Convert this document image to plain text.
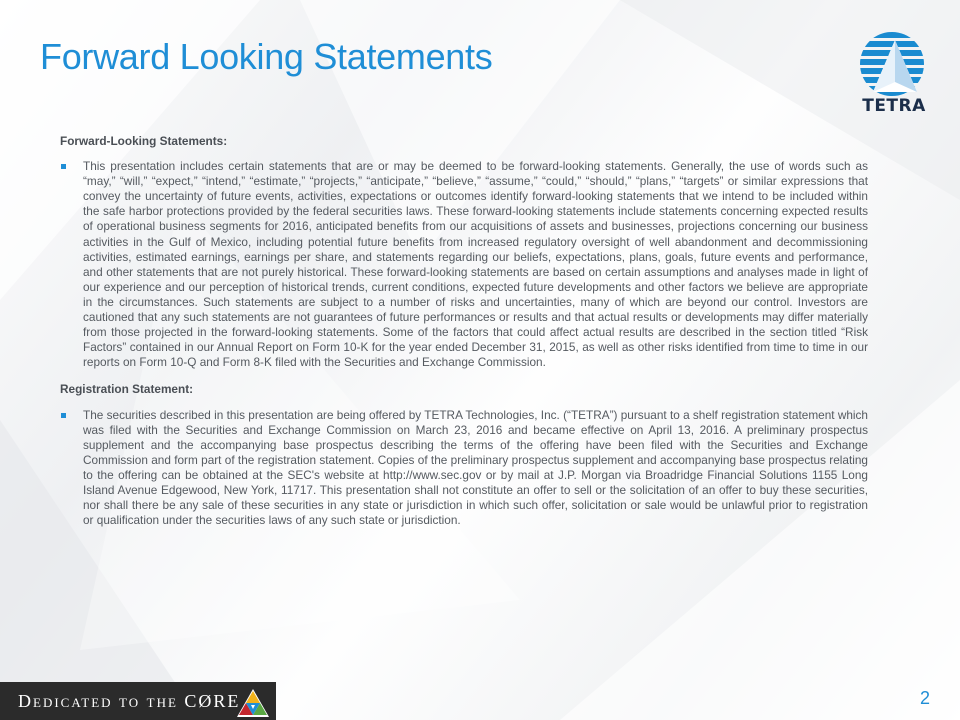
Forward Looking Statements
TETRA
Forward-Looking Statements:
This presentation includes certain statements that are or may be deemed to be forward-looking statements. Generally, the use of words such as “may,” “will,” “expect,” “intend,” “estimate,” “projects,” “anticipate,” “believe,” “assume,” “could,” “should,” “plans,” “targets” or similar expressions that convey the uncertainty of future events, activities, expectations or outcomes identify forward-looking statements that we intend to be included within the safe harbor protections provided by the federal securities laws. These forward-looking statements include statements concerning expected results of operational business segments for 2016, anticipated benefits from our acquisitions of assets and businesses, projections concerning our business activities in the Gulf of Mexico, including potential future benefits from increased regulatory oversight of well abandonment and decommissioning activities, estimated earnings, earnings per share, and statements regarding our beliefs, expectations, plans, goals, future events and performance, and other statements that are not purely historical. These forward-looking statements are based on certain assumptions and analyses made in light of our experience and our perception of historical trends, current conditions, expected future developments and other factors we believe are appropriate in the circumstances. Such statements are subject to a number of risks and uncertainties, many of which are beyond our control. Investors are cautioned that any such statements are not guarantees of future performances or results and that actual results or developments may differ materially from those projected in the forward-looking statements. Some of the factors that could affect actual results are described in the section titled “Risk Factors” contained in our Annual Report on Form 10-K for the year ended December 31, 2015, as well as other risks identified from time to time in our reports on Form 10-Q and Form 8-K filed with the Securities and Exchange Commission.
Registration Statement:
The securities described in this presentation are being offered by TETRA Technologies, Inc. (“TETRA”) pursuant to a shelf registration statement which was filed with the Securities and Exchange Commission on March 23, 2016 and became effective on April 13, 2016. A preliminary prospectus supplement and the accompanying base prospectus describing the terms of the offering have been filed with the Securities and Exchange Commission and form part of the registration statement. Copies of the preliminary prospectus supplement and accompanying base prospectus relating to the offering can be obtained at the SEC's website at http://www.sec.gov or by mail at J.P. Morgan via Broadridge Financial Solutions 1155 Long Island Avenue Edgewood, New York, 11717. This presentation shall not constitute an offer to sell or the solicitation of an offer to buy these securities, nor shall there be any sale of these securities in any state or jurisdiction in which such offer, solicitation or sale would be unlawful prior to registration or qualification under the securities laws of any such state or jurisdiction.
Dedicated to the CØRE	2
